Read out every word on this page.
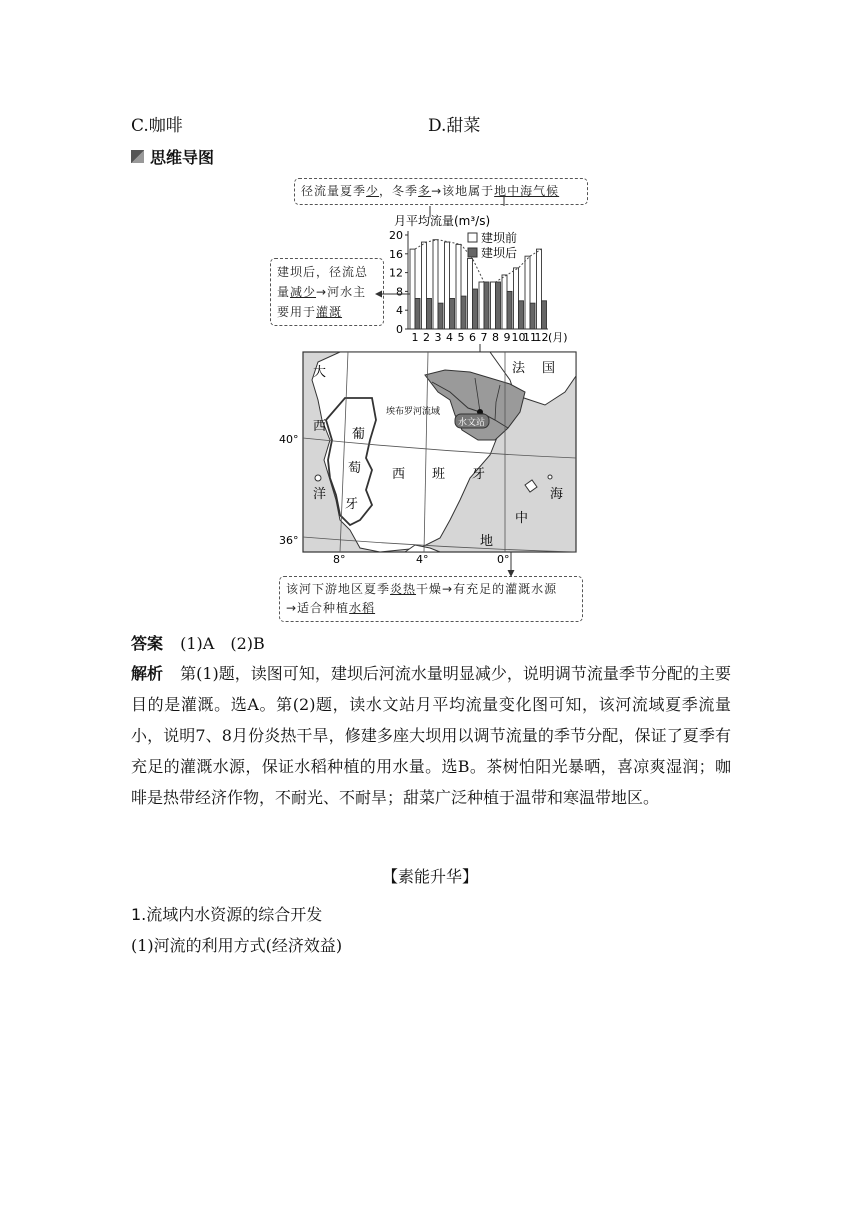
C.咖啡	D.甜菜
思维导图
径流量夏季少，冬季多→该地属于地中海气候
建坝后，径流总
量减少→河水主
要用于灌溉
该河下游地区夏季炎热干燥→有充足的灌溉水源
→适合种植水稻
月平均流量(m³/s)
0
4
8
12
16
20
1 2 3 4 5 6 7 8 9 10
11
12 (月)
建坝前
建坝后
水文站
埃布罗河流域
大
西
洋
葡
萄
牙
西 班 牙
法 国
海
中
地
40°
36°
8°	4°	0°
答案 (1)A　(2)B
解析 第(1)题，读图可知，建坝后河流水量明显减少，说明调节流量季节分配的主要目的是灌溉。选A。第(2)题，读水文站月平均流量变化图可知，该河流域夏季流量小，说明7、8月份炎热干旱，修建多座大坝用以调节流量的季节分配，保证了夏季有充足的灌溉水源，保证水稻种植的用水量。选B。茶树怕阳光暴晒，喜凉爽湿润；咖啡是热带经济作物，不耐光、不耐旱；甜菜广泛种植于温带和寒温带地区。
【素能升华】
1.流域内水资源的综合开发
(1)河流的利用方式(经济效益)
